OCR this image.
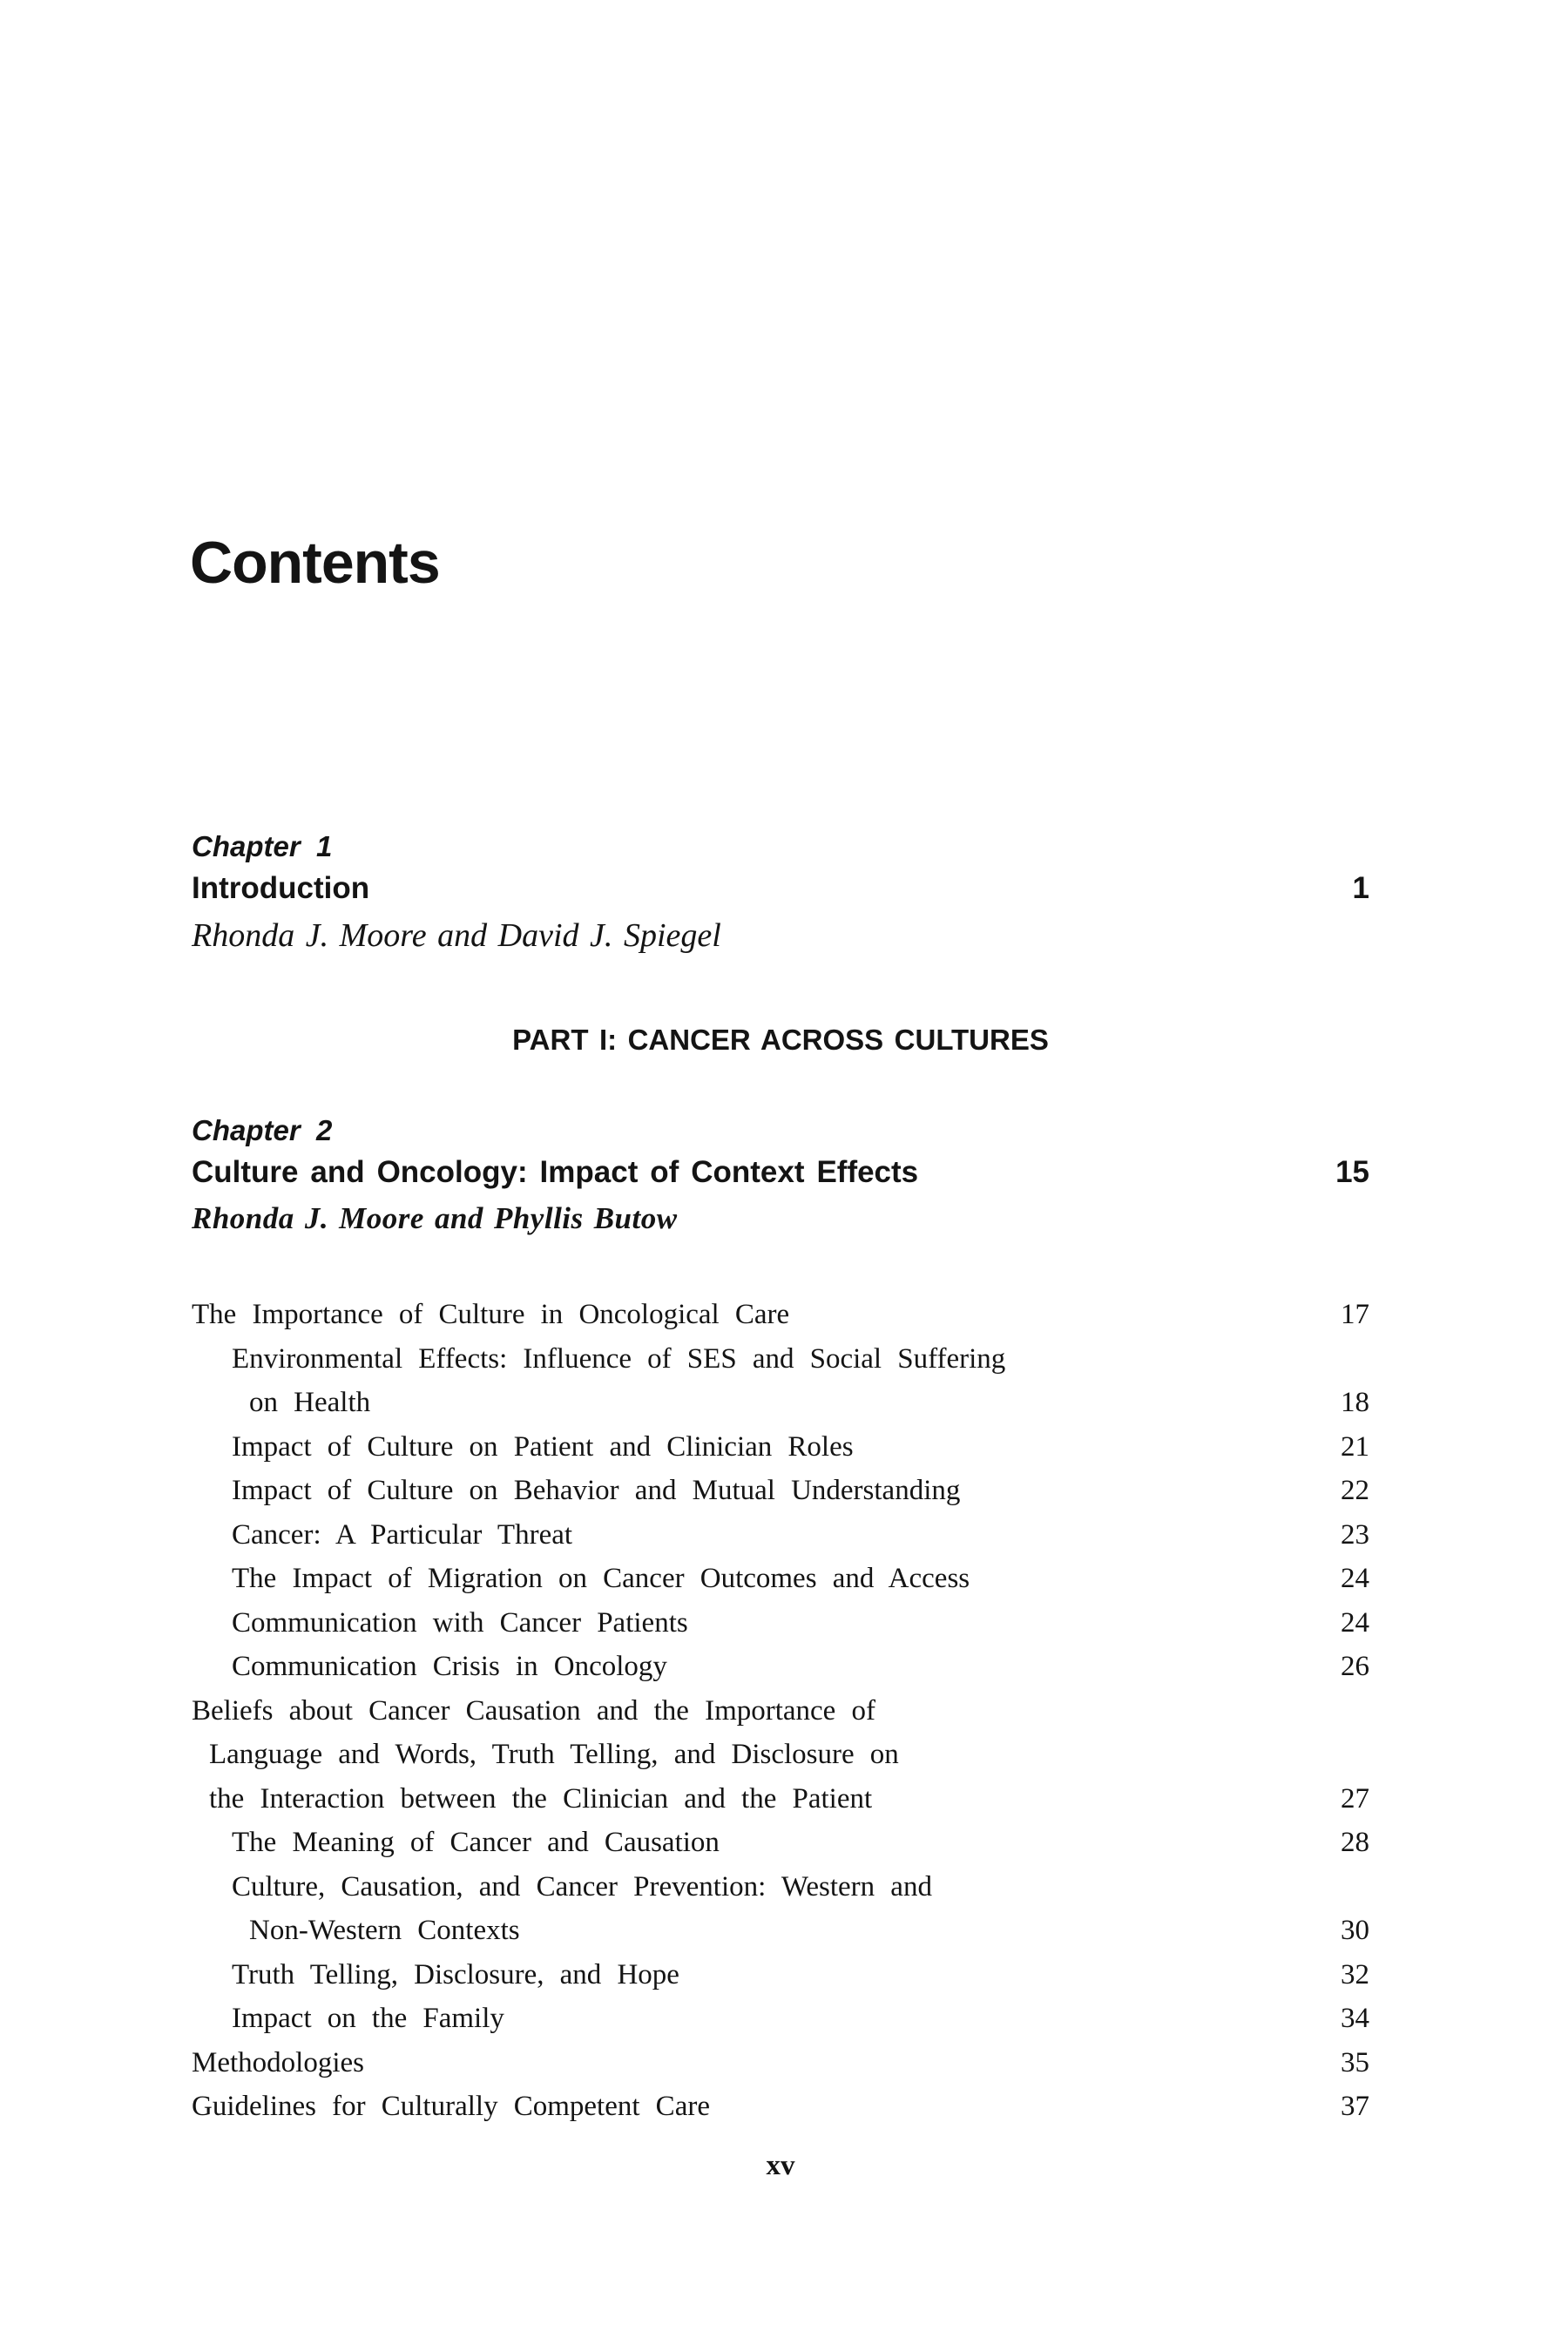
Contents
Chapter  1
Introduction	1
Rhonda J. Moore and David J. Spiegel
PART I: CANCER ACROSS CULTURES
Chapter  2
Culture and Oncology: Impact of Context Effects	15
Rhonda J. Moore and Phyllis Butow
The Importance of Culture in Oncological Care	17
Environmental Effects: Influence of SES and Social Suffering
on Health	18
Impact of Culture on Patient and Clinician Roles	21
Impact of Culture on Behavior and Mutual Understanding	22
Cancer: A Particular Threat	23
The Impact of Migration on Cancer Outcomes and Access	24
Communication with Cancer Patients	24
Communication Crisis in Oncology	26
Beliefs about Cancer Causation and the Importance of
Language and Words, Truth Telling, and Disclosure on
the Interaction between the Clinician and the Patient	27
The Meaning of Cancer and Causation	28
Culture, Causation, and Cancer Prevention: Western and
Non-Western Contexts	30
Truth Telling, Disclosure, and Hope	32
Impact on the Family	34
Methodologies	35
Guidelines for Culturally Competent Care	37
xv
